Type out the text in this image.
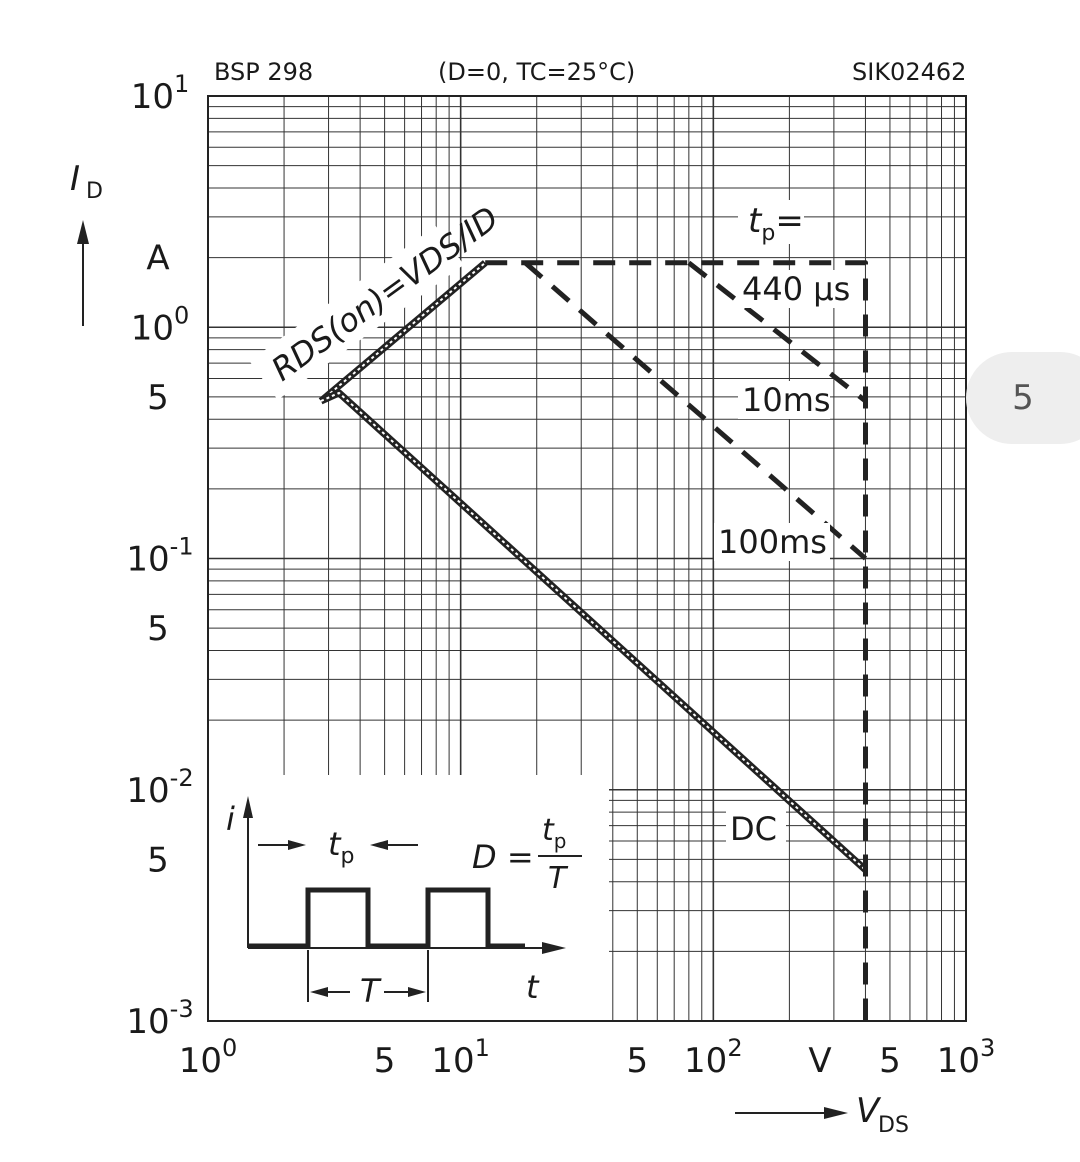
BSP 298	(D=0, TC=25°C)	SIK02462
I D
$10^1$
A
$10^0$
5
$10^{-1}$
5
$10^{-2}$
5
$10^{-3}$
$10^0$	5 $10^1$	5 $10^2$ V 5 $10^3$
V
DS
440 µs
10ms
100ms
DC
$t_p=$
RDS(on)=VDS/ID
i
$t_p$
T	t
D =
$t_p$
T
5
